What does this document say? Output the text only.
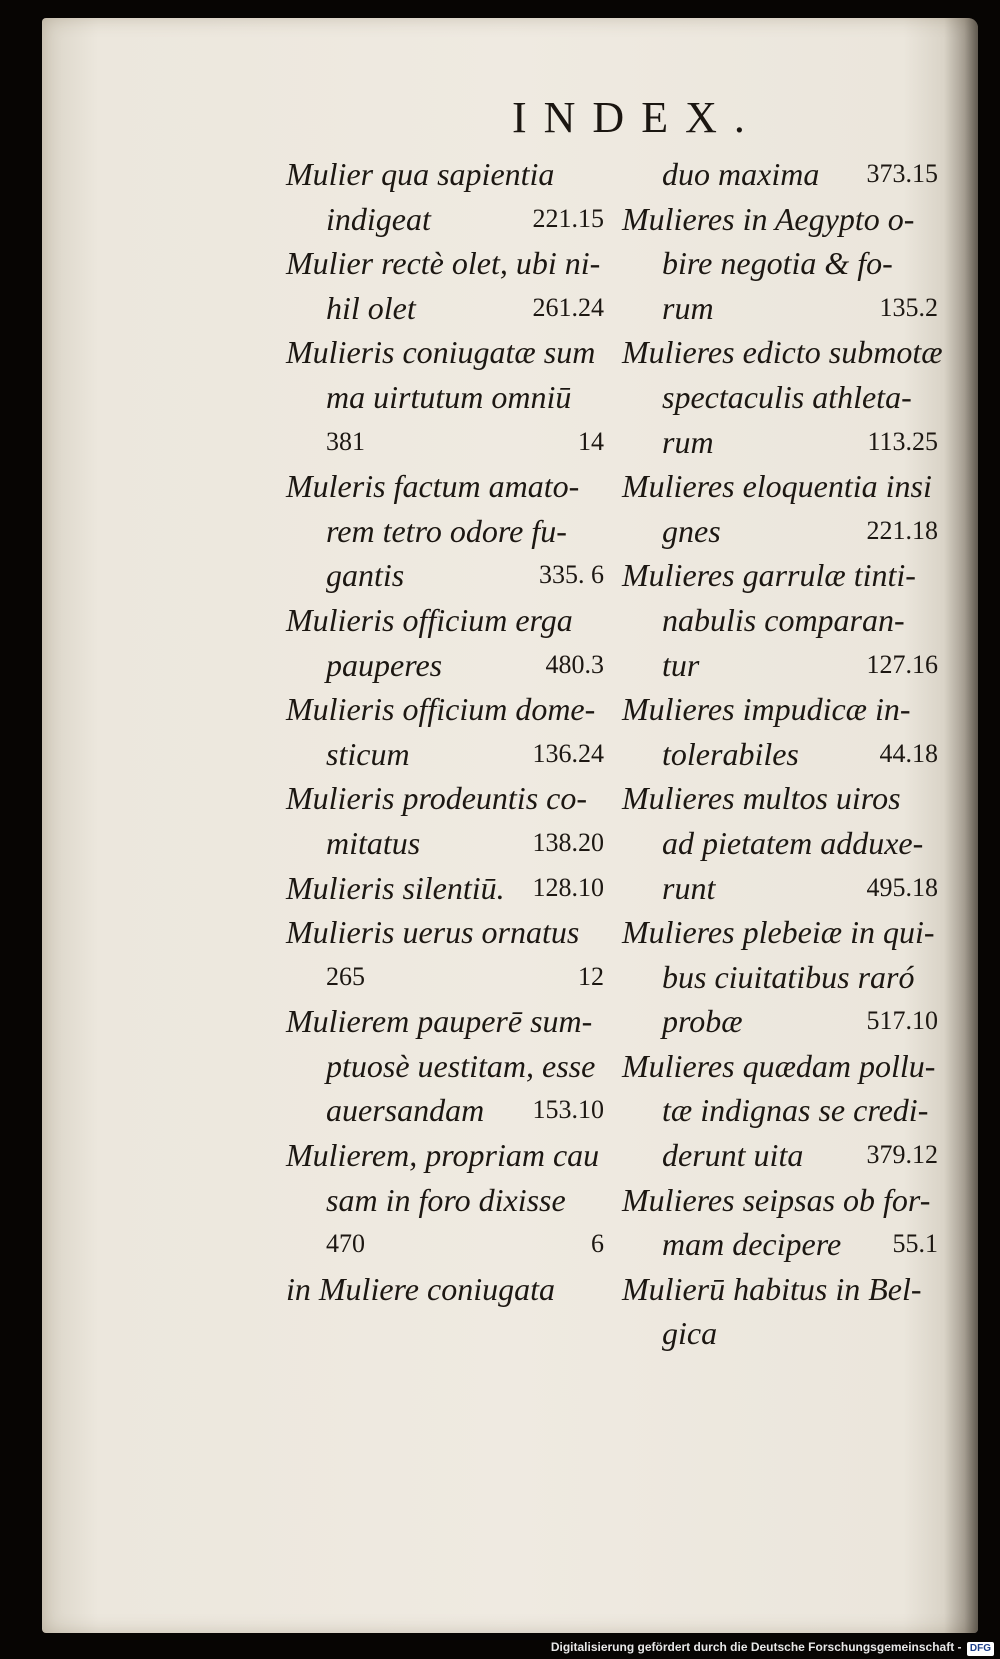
INDEX.
Mulier qua sapientia
indigeat	221.15
Mulier rectè olet, ubi ni-
hil olet	261.24
Mulieris coniugatæ sum
ma uirtutum omniū
381	14
Muleris factum amato-
rem tetro odore fu-
gantis	335. 6
Mulieris officium erga
pauperes	480.3
Mulieris officium dome-
sticum	136.24
Mulieris prodeuntis co-
mitatus	138.20
Mulieris silentiū. 128.10
Mulieris uerus ornatus
265	12
Mulierem pauperē sum-
ptuosè uestitam, esse
auersandam 153.10
Mulierem, propriam cau
sam in foro dixisse
470	6
in Muliere coniugata
duo maxima 373.15
Mulieres in Aegypto o-
bire negotia & fo-
rum	135.2
Mulieres edicto submotæ
spectaculis athleta-
rum	113.25
Mulieres eloquentia insi
gnes	221.18
Mulieres garrulæ tinti-
nabulis comparan-
tur	127.16
Mulieres impudicæ in-
tolerabiles	44.18
Mulieres multos uiros
ad pietatem adduxe-
runt	495.18
Mulieres plebeiæ in qui-
bus ciuitatibus raró
probæ	517.10
Mulieres quædam pollu-
tæ indignas se credi-
derunt uita 379.12
Mulieres seipsas ob for-
mam decipere 55.1
Mulierū habitus in Bel-
gica
Digitalisierung gefördert durch die Deutsche Forschungsgemeinschaft - DFG
